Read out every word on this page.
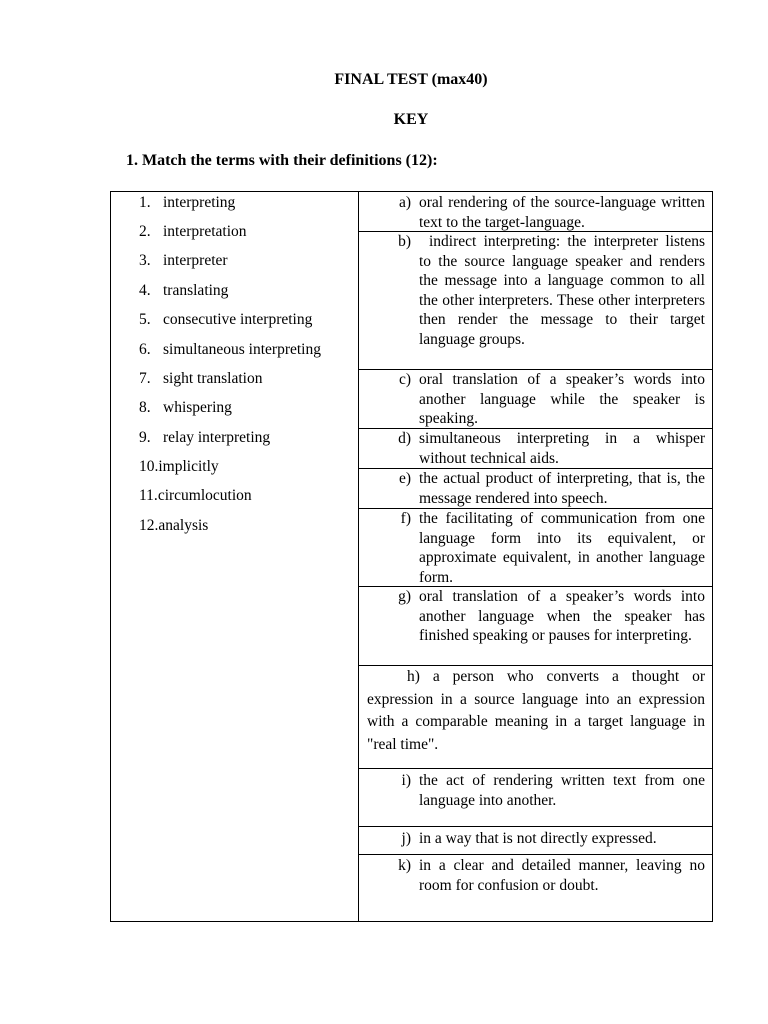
FINAL TEST (max40)
KEY
1. Match the terms with their definitions (12):
1. interpreting
2. interpretation
3. interpreter
4. translating
5. consecutive interpreting
6. simultaneous interpreting
7. sight translation
8. whispering
9. relay interpreting
10.implicitly
11.circumlocution
12.analysis
a) oral rendering of the source-language written text to the target-language.
b)	indirect interpreting: the interpreter listens to the source language speaker and renders the message into a language common to all the other interpreters. These other interpreters then render the message to their target language groups.
c) oral translation of a speaker’s words into another language while the speaker is speaking.
d) simultaneous interpreting in a whisper without technical aids.
e) the actual product of interpreting, that is, the message rendered into speech.
f) the facilitating of communication from one language form into its equivalent, or approximate equivalent, in another language form.
g) oral translation of a speaker’s words into another language when the speaker has finished speaking or pauses for interpreting.
h) a person who converts a thought or expression in a source language into an expression with a comparable meaning in a target language in "real time".
i) the act of rendering written text from one language into another.
j) in a way that is not directly expressed.
k) in a clear and detailed manner, leaving no room for confusion or doubt.
